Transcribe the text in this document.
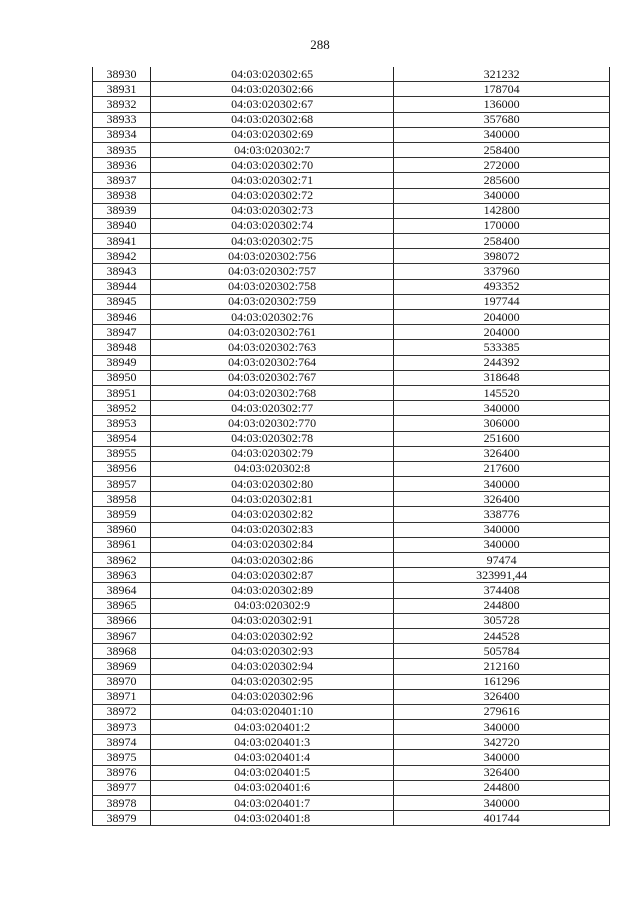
288
38930	04:03:020302:65	321232
38931	04:03:020302:66	178704
38932	04:03:020302:67	136000
38933	04:03:020302:68	357680
38934	04:03:020302:69	340000
38935	04:03:020302:7	258400
38936	04:03:020302:70	272000
38937	04:03:020302:71	285600
38938	04:03:020302:72	340000
38939	04:03:020302:73	142800
38940	04:03:020302:74	170000
38941	04:03:020302:75	258400
38942	04:03:020302:756	398072
38943	04:03:020302:757	337960
38944	04:03:020302:758	493352
38945	04:03:020302:759	197744
38946	04:03:020302:76	204000
38947	04:03:020302:761	204000
38948	04:03:020302:763	533385
38949	04:03:020302:764	244392
38950	04:03:020302:767	318648
38951	04:03:020302:768	145520
38952	04:03:020302:77	340000
38953	04:03:020302:770	306000
38954	04:03:020302:78	251600
38955	04:03:020302:79	326400
38956	04:03:020302:8	217600
38957	04:03:020302:80	340000
38958	04:03:020302:81	326400
38959	04:03:020302:82	338776
38960	04:03:020302:83	340000
38961	04:03:020302:84	340000
38962	04:03:020302:86	97474
38963	04:03:020302:87	323991,44
38964	04:03:020302:89	374408
38965	04:03:020302:9	244800
38966	04:03:020302:91	305728
38967	04:03:020302:92	244528
38968	04:03:020302:93	505784
38969	04:03:020302:94	212160
38970	04:03:020302:95	161296
38971	04:03:020302:96	326400
38972	04:03:020401:10	279616
38973	04:03:020401:2	340000
38974	04:03:020401:3	342720
38975	04:03:020401:4	340000
38976	04:03:020401:5	326400
38977	04:03:020401:6	244800
38978	04:03:020401:7	340000
38979	04:03:020401:8	401744
